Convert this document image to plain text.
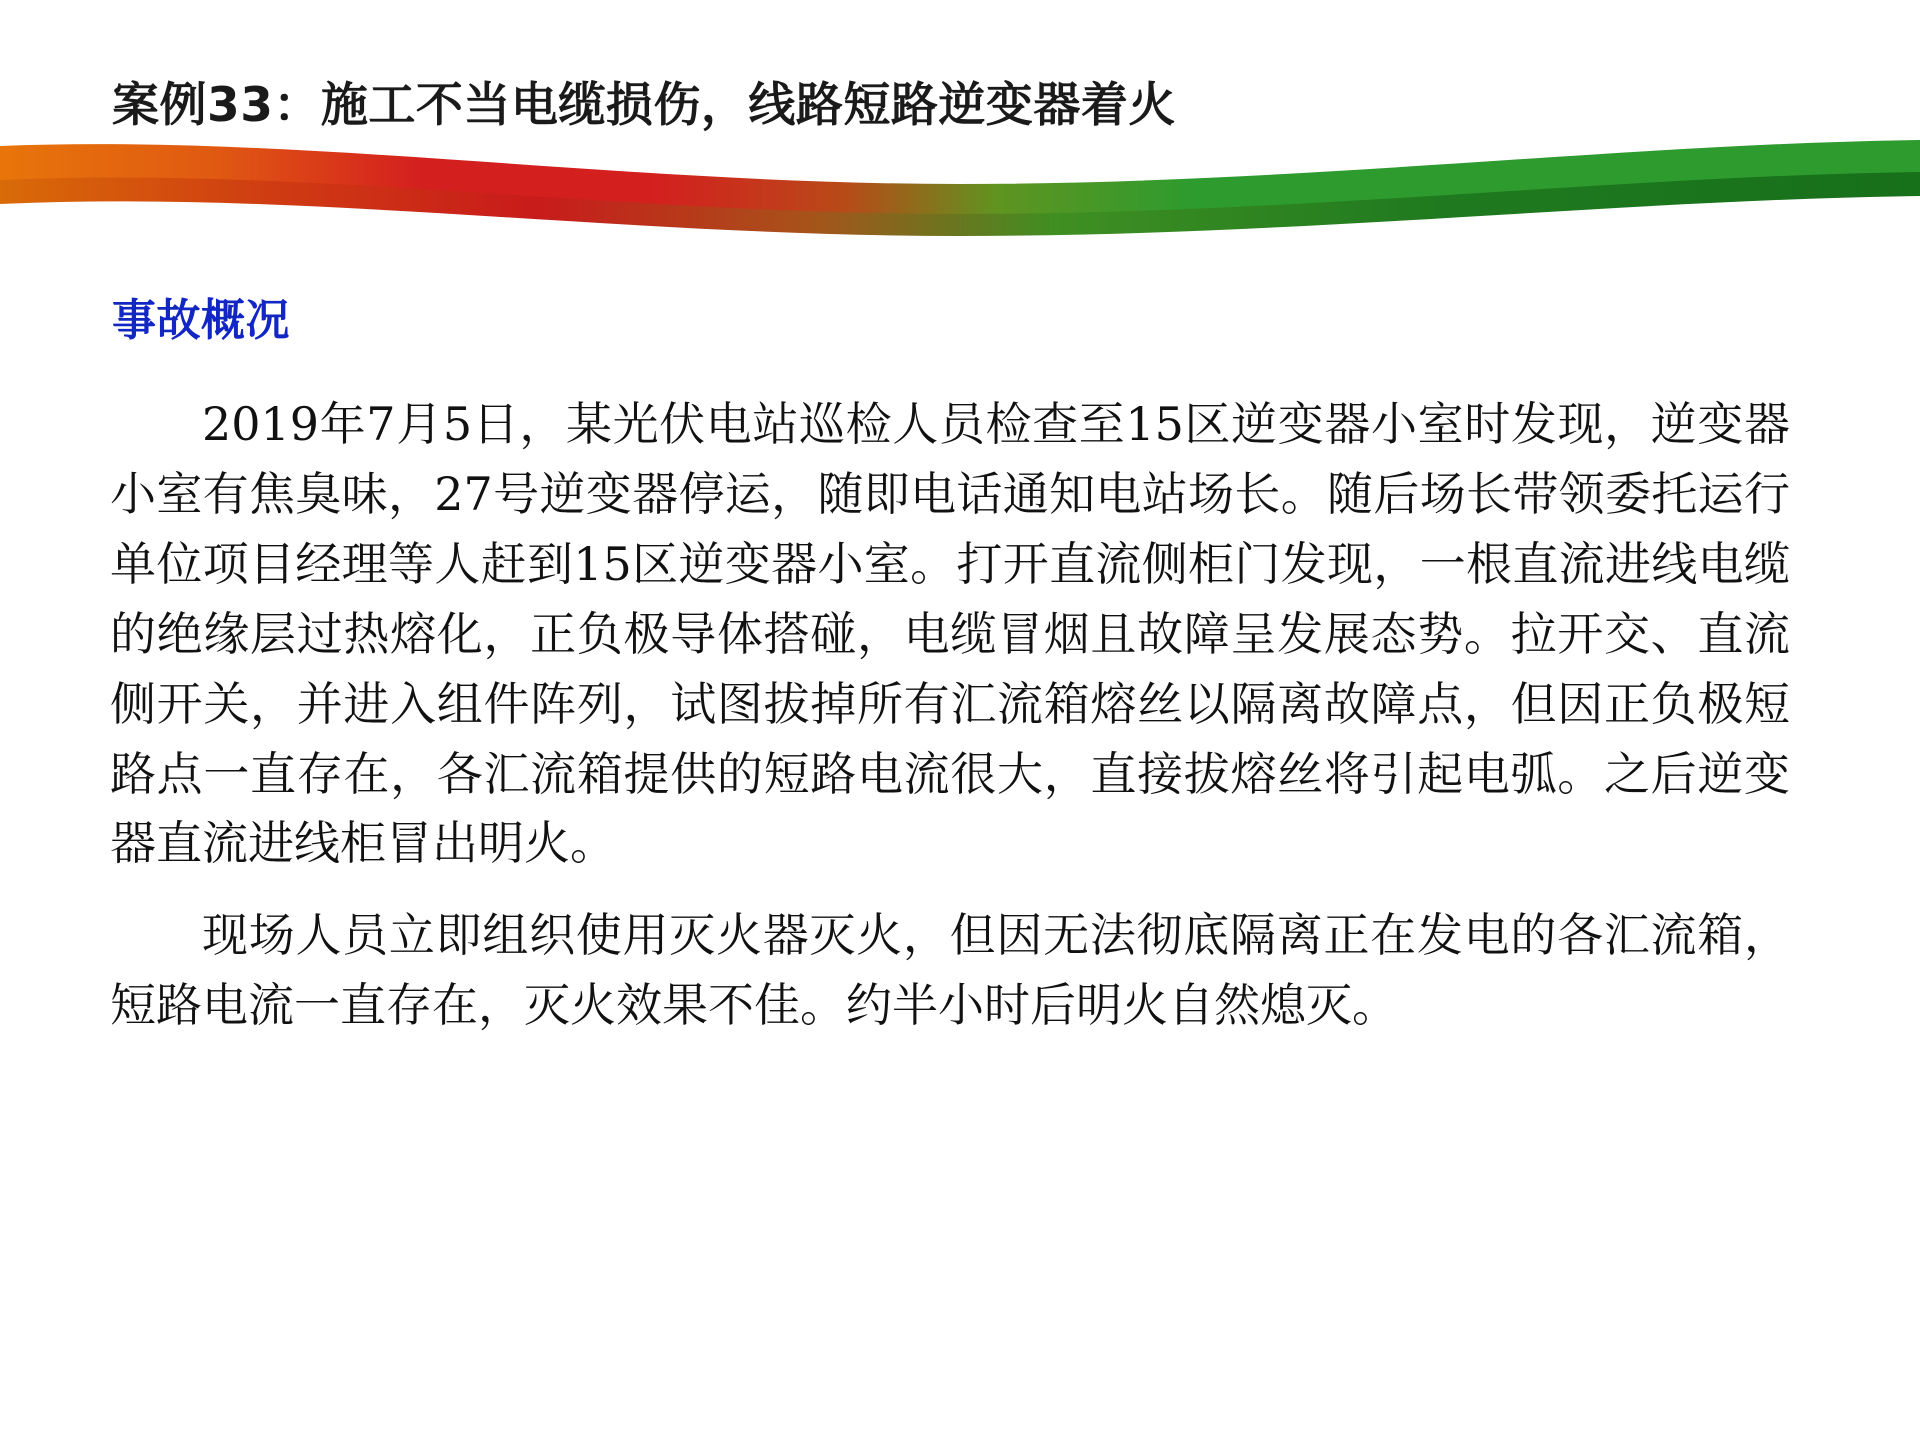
案例33：施工不当电缆损伤，线路短路逆变器着火
事故概况

2019年7月5日，某光伏电站巡检人员检查至15区逆变器小室时发现，逆变器小室有焦臭味，27号逆变器停运，随即电话通知电站场长。随后场长带领委托运行单位项目经理等人赶到15区逆变器小室。打开直流侧柜门发现，一根直流进线电缆的绝缘层过热熔化，正负极导体搭碰，电缆冒烟且故障呈发展态势。拉开交、直流侧开关，并进入组件阵列，试图拔掉所有汇流箱熔丝以隔离故障点，但因正负极短路点一直存在，各汇流箱提供的短路电流很大，直接拔熔丝将引起电弧。之后逆变器直流进线柜冒出明火。

现场人员立即组织使用灭火器灭火，但因无法彻底隔离正在发电的各汇流箱，短路电流一直存在，灭火效果不佳。约半小时后明火自然熄灭。
